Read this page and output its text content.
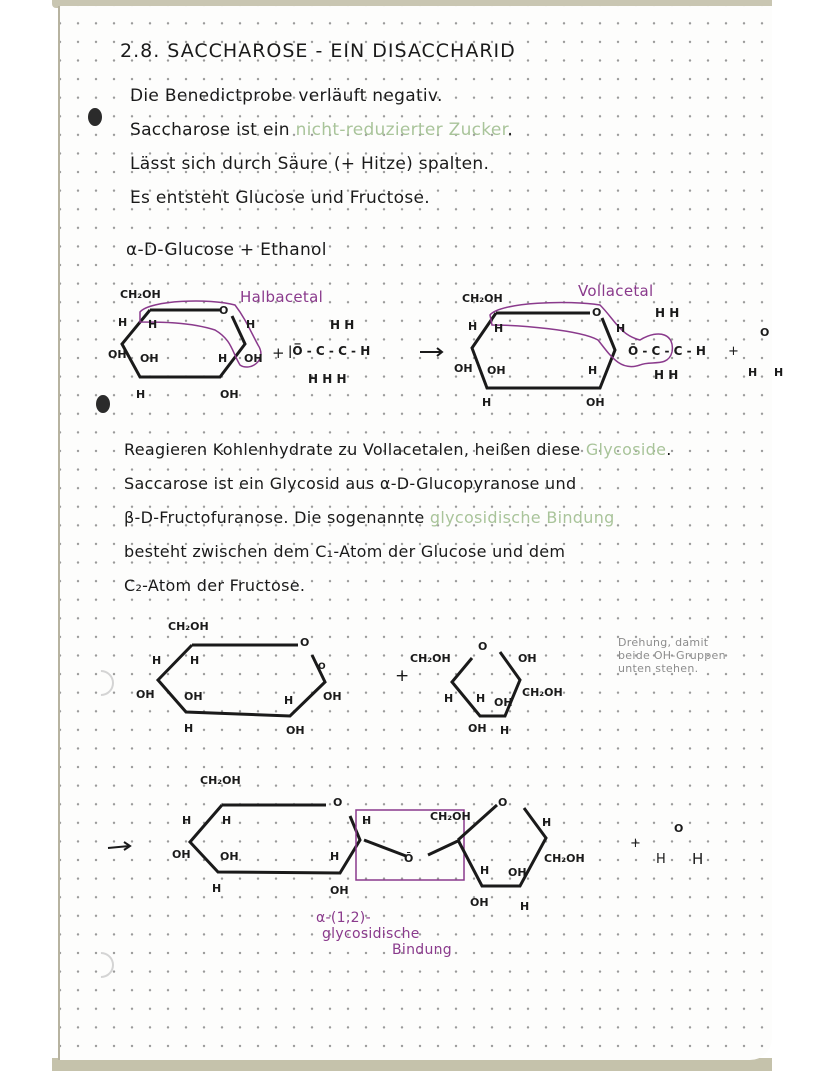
2.8. SACCHAROSE - EIN DISACCHARID
Die Benedictprobe verläuft negativ.
Saccharose ist ein nicht-reduzierter Zucker.
Lässt sich durch Säure (+ Hitze) spalten.
Es entsteht Glucose und Fructose.
α-D-Glucose + Ethanol
CH₂OH	Halbacetal
H H
O
H
OH OH	H OH
H	OH
+
H H
|O̅ - C - C - H
H H H
Vollacetal
CH₂OH
H H
O
H
OH OH	H
H	OH
H H
Ō - C - C - H
H H
+
O
H H
Reagieren Kohlenhydrate zu Vollacetalen, heißen diese Glycoside.
Saccarose ist ein Glycosid aus α-D-Glucopyranose und
β-D-Fructofuranose. Die sogenannte glycosidische Bindung
besteht zwischen dem C₁-Atom der Glucose und dem
C₂-Atom der Fructose.
CH₂OH
H	H
O
O
OH	OH	H	OH
H	OH
+
CH₂OH
O
OH
CH₂OH
H H OH
OH H
Drehung, damit
beide OH-Gruppen
unten stehen.
CH₂OH
H	H
O
OH	OH	H
H	OH
H
Ō
CH₂OH
O
H
CH₂OH
H OH
OH	H
+
O
H H
α-(1,2)-
glycosidische
Bindung
